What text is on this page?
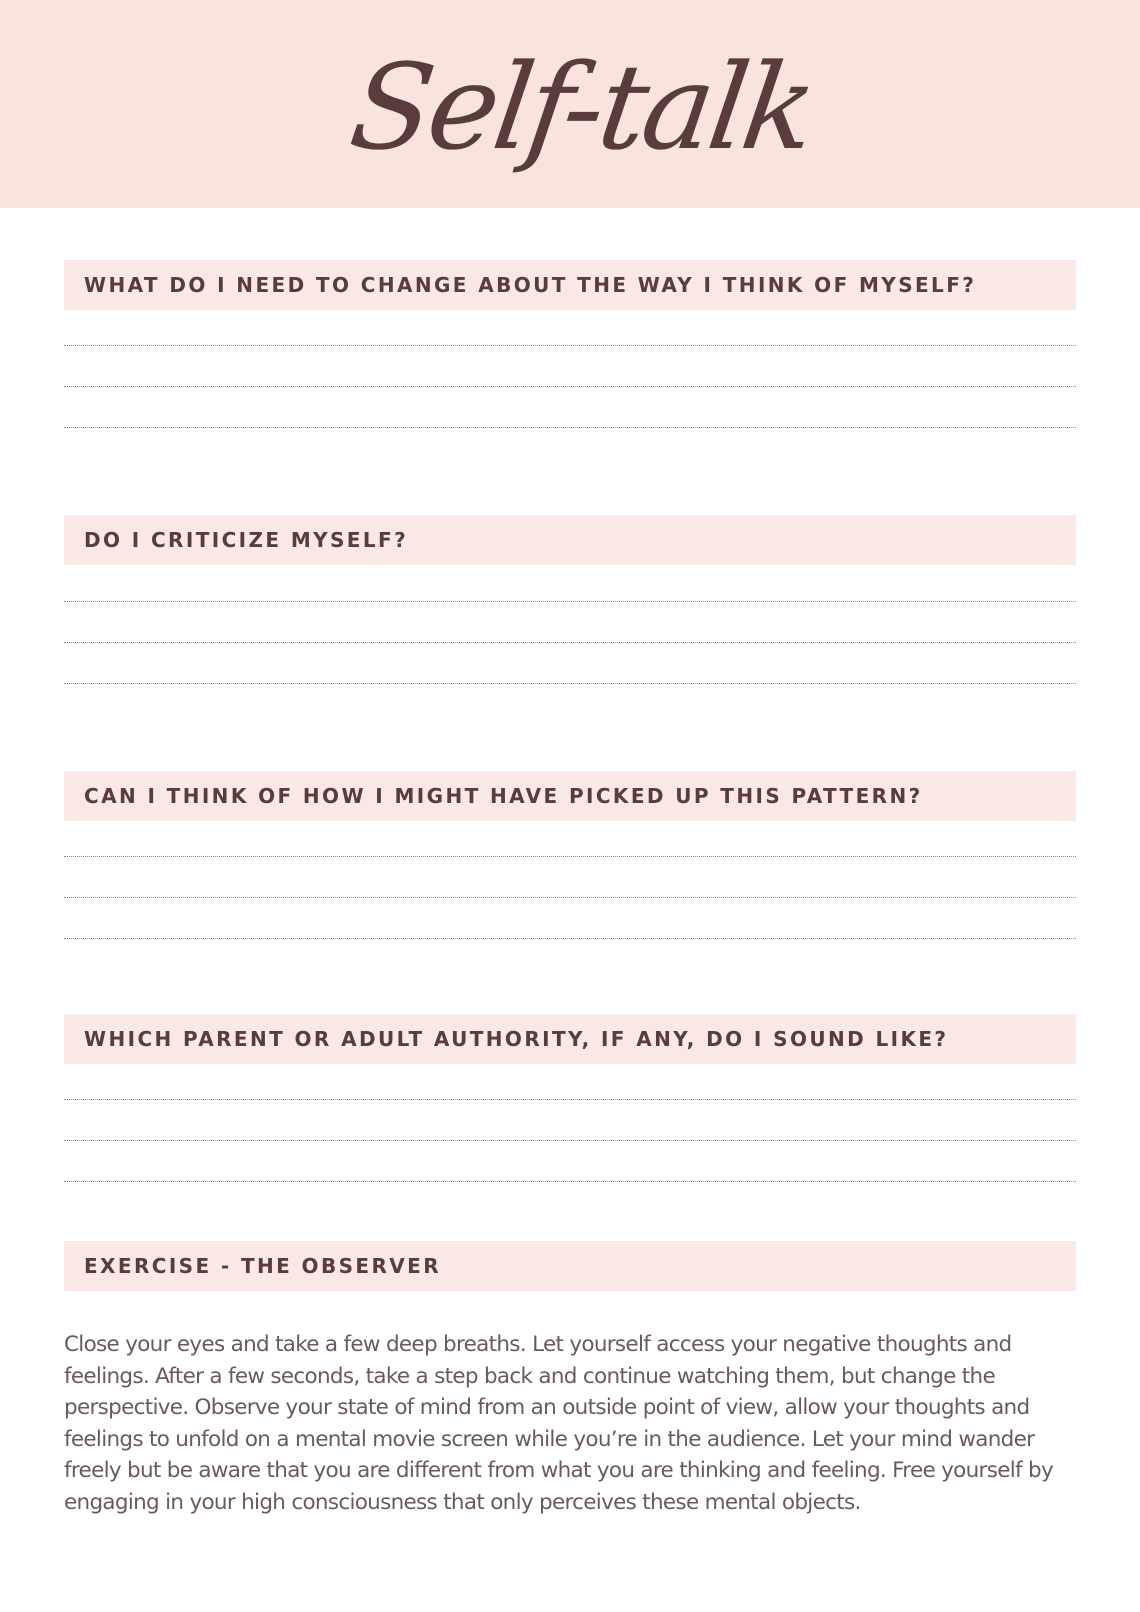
Self-talk
WHAT DO I NEED TO CHANGE ABOUT THE WAY I THINK OF MYSELF?
DO I CRITICIZE MYSELF?
CAN I THINK OF HOW I MIGHT HAVE PICKED UP THIS PATTERN?
WHICH PARENT OR ADULT AUTHORITY, IF ANY, DO I SOUND LIKE?
EXERCISE - THE OBSERVER

Close your eyes and take a few deep breaths. Let yourself access your negative thoughts and feelings. After a few seconds, take a step back and continue watching them, but change the perspective. Observe your state of mind from an outside point of view, allow your thoughts and feelings to unfold on a mental movie screen while you’re in the audience. Let your mind wander freely but be aware that you are different from what you are thinking and feeling. Free yourself by engaging in your high consciousness that only perceives these mental objects.
